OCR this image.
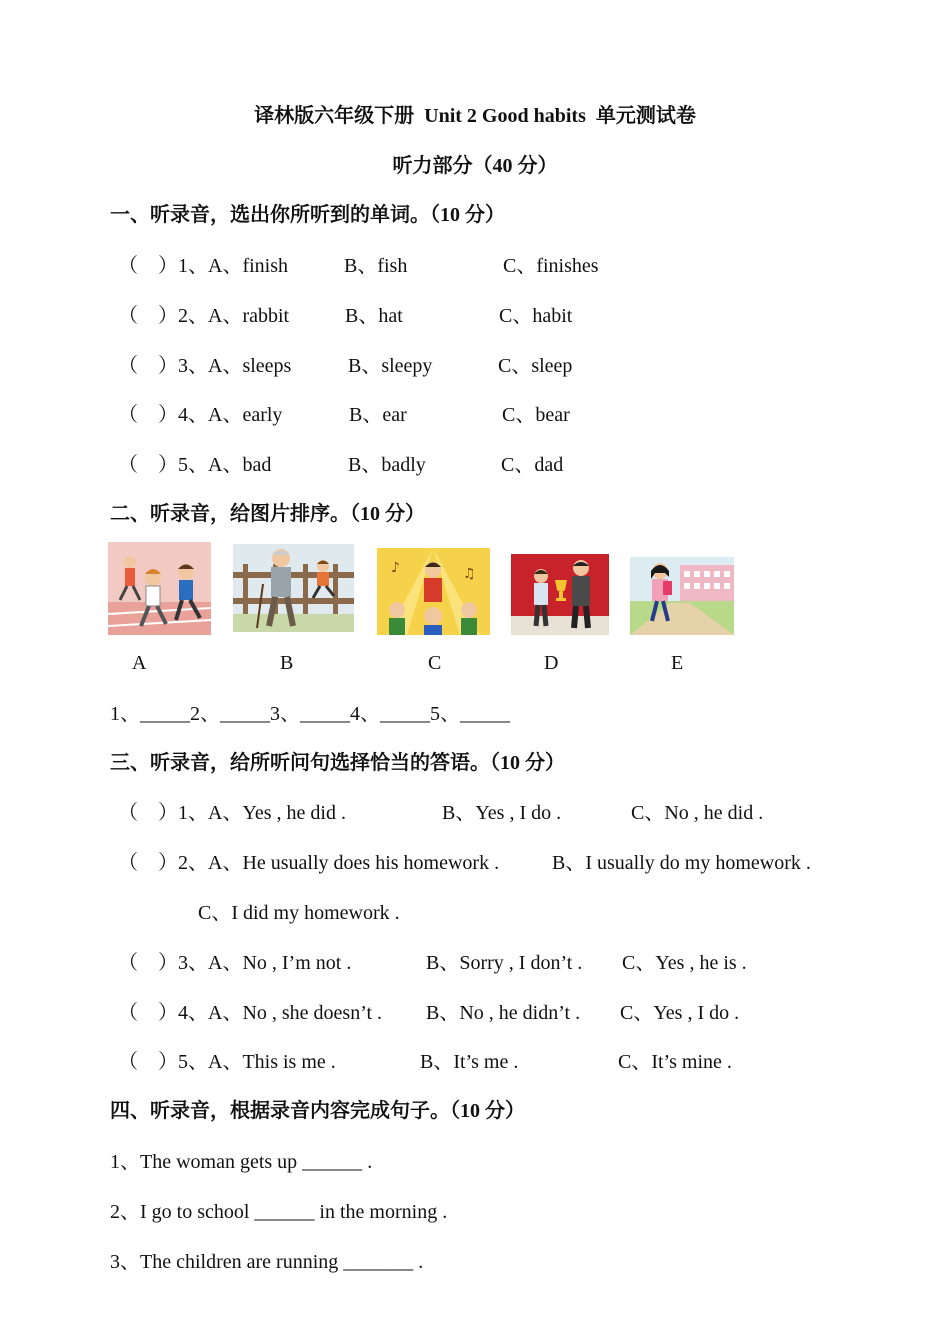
译林版六年级下册  Unit 2 Good habits  单元测试卷
听力部分（40 分）
一、听录音，选出你所听到的单词。（10 分）
（    ）1、A、finish	B、fish	C、finishes
（    ）2、A、rabbit	B、hat	C、habit
（    ）3、A、sleeps	B、sleepy	C、sleep
（    ）4、A、early	B、ear	C、bear
（    ）5、A、bad	B、badly	C、dad
二、听录音，给图片排序。（10 分）
♪	♫
A	B	C	D	E
1、_____2、_____3、_____4、_____5、_____
三、听录音，给所听问句选择恰当的答语。（10 分）
（    ）1、A、Yes , he did .	B、Yes , I do .	C、No , he did .
（    ）2、A、He usually does his homework .	B、I usually do my homework .
C、I did my homework .
（    ）3、A、No , I’m not .	B、Sorry , I don’t . C、Yes , he is .
（    ）4、A、No , she doesn’t . B、No , he didn’t . C、Yes , I do .
（    ）5、A、This is me .	B、It’s me .	C、It’s mine .
四、听录音，根据录音内容完成句子。（10 分）
1、The woman gets up ______ .
2、I go to school ______ in the morning .
3、The children are running _______ .
